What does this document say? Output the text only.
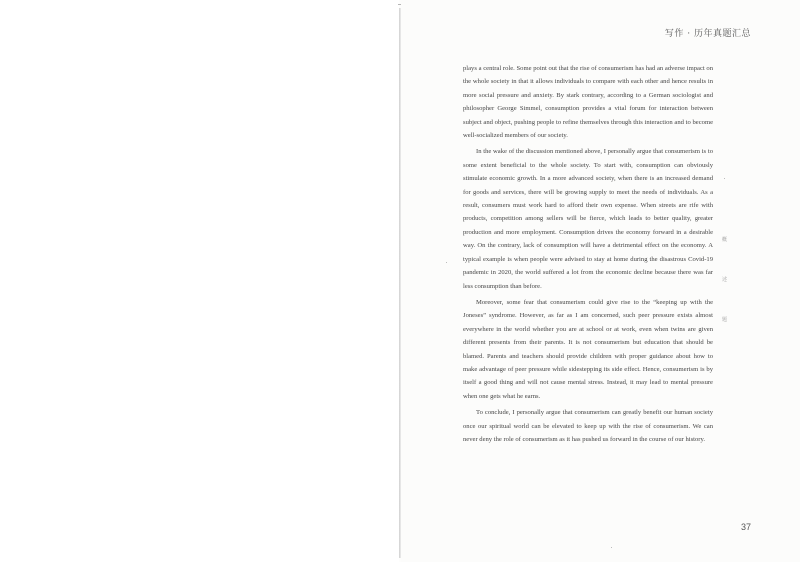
写作 · 历年真题汇总

plays a central role. Some point out that the rise of consumerism has had an adverse impact on the whole society in that it allows individuals to compare with each other and hence results in more social pressure and anxiety. By stark contrary, according to a German sociologist and philosopher George Simmel, consumption provides a vital forum for interaction between subject and object, pushing people to refine themselves through this interaction and to become well-socialized members of our society.

In the wake of the discussion mentioned above, I personally argue that consumerism is to some extent beneficial to the whole society. To start with, consumption can obviously stimulate economic growth. In a more advanced society, when there is an increased demand for goods and services, there will be growing supply to meet the needs of individuals. As a result, consumers must work hard to afford their own expense. When streets are rife with products, competition among sellers will be fierce, which leads to better quality, greater production and more employment. Consumption drives the economy forward in a desirable way. On the contrary, lack of consumption will have a detrimental effect on the economy. A typical example is when people were advised to stay at home during the disastrous Covid-19 pandemic in 2020, the world suffered a lot from the economic decline because there was far less consumption than before.

Moreover, some fear that consumerism could give rise to the “keeping up with the Joneses” syndrome. However, as far as I am concerned, such peer pressure exists almost everywhere in the world whether you are at school or at work, even when twins are given different presents from their parents. It is not consumerism but education that should be blamed. Parents and teachers should provide children with proper guidance about how to make advantage of peer pressure while sidestepping its side effect. Hence, consumerism is by itself a good thing and will not cause mental stress. Instead, it may lead to mental pressure when one gets what he earns.

To conclude, I personally argue that consumerism can greatly benefit our human society once our spiritual world can be elevated to keep up with the rise of consumerism. We can never deny the role of consumerism as it has pushed us forward in the course of our history.

概
述
题
37
